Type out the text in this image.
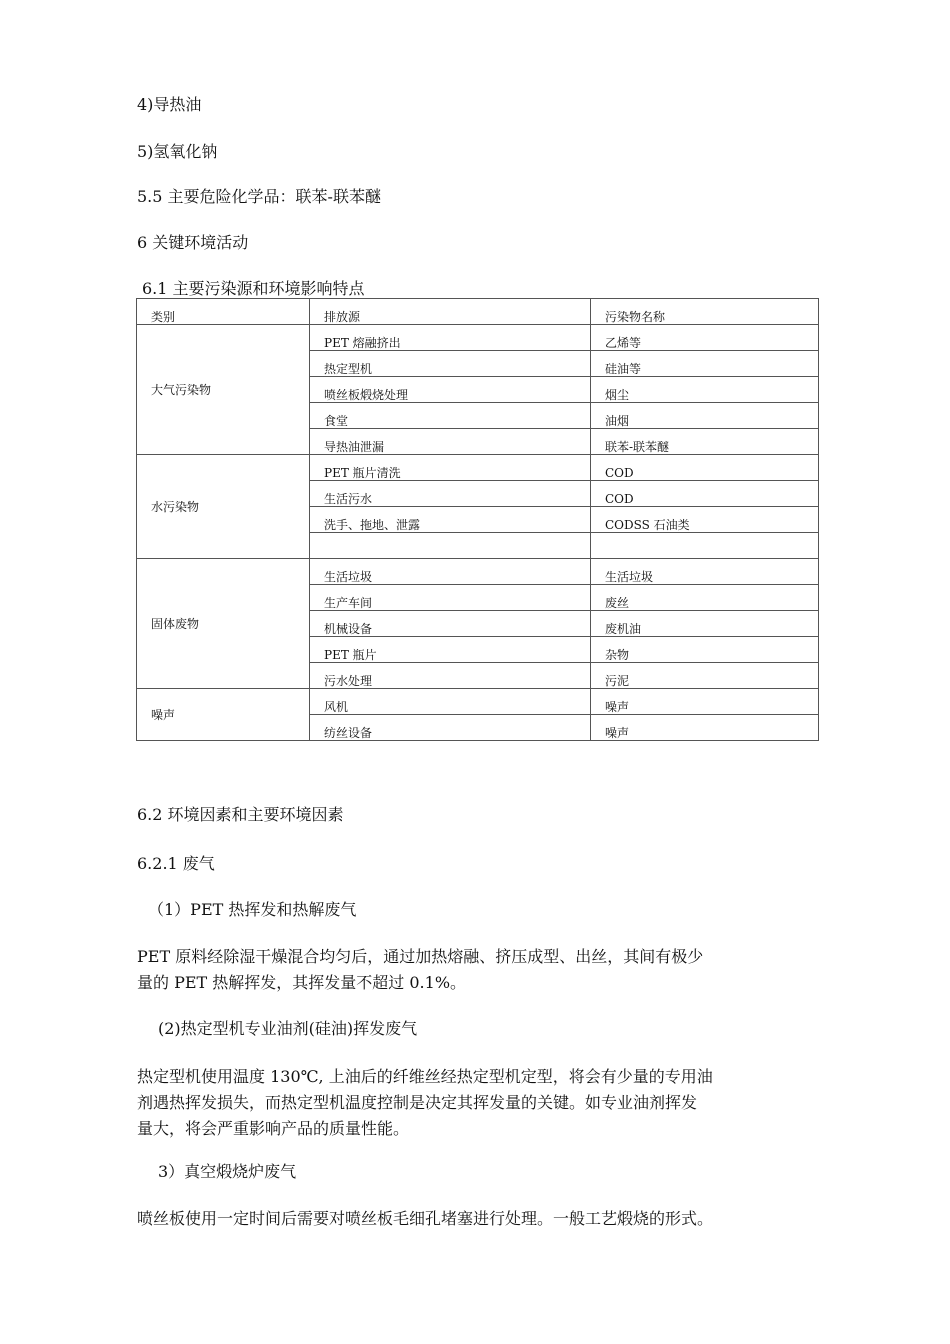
4)导热油

5)氢氧化钠

5.5 主要危险化学品：联苯-联苯醚

6 关键环境活动

6.1 主要污染源和环境影响特点

类别	排放源	污染物名称
大气污染物	PET 熔融挤出	乙烯等
	热定型机	硅油等
	喷丝板煅烧处理	烟尘
	食堂	油烟
	导热油泄漏	联苯-联苯醚
水污染物	PET 瓶片清洗	COD
	生活污水	COD
	洗手、拖地、泄露	CODSS 石油类

固体废物	生活垃圾	生活垃圾
	生产车间	废丝
	机械设备	废机油
	PET 瓶片	杂物
	污水处理	污泥
噪声	风机	噪声
	纺丝设备	噪声

6.2 环境因素和主要环境因素

6.2.1 废气

（1）PET 热挥发和热解废气

PET 原料经除湿干燥混合均匀后，通过加热熔融、挤压成型、出丝，其间有极少
量的 PET 热解挥发，其挥发量不超过 0.1%。

(2)热定型机专业油剂(硅油)挥发废气

热定型机使用温度 130℃, 上油后的纤维丝经热定型机定型，将会有少量的专用油
剂遇热挥发损失，而热定型机温度控制是决定其挥发量的关键。如专业油剂挥发
量大，将会严重影响产品的质量性能。

3）真空煅烧炉废气

喷丝板使用一定时间后需要对喷丝板毛细孔堵塞进行处理。一般工艺煅烧的形式。
